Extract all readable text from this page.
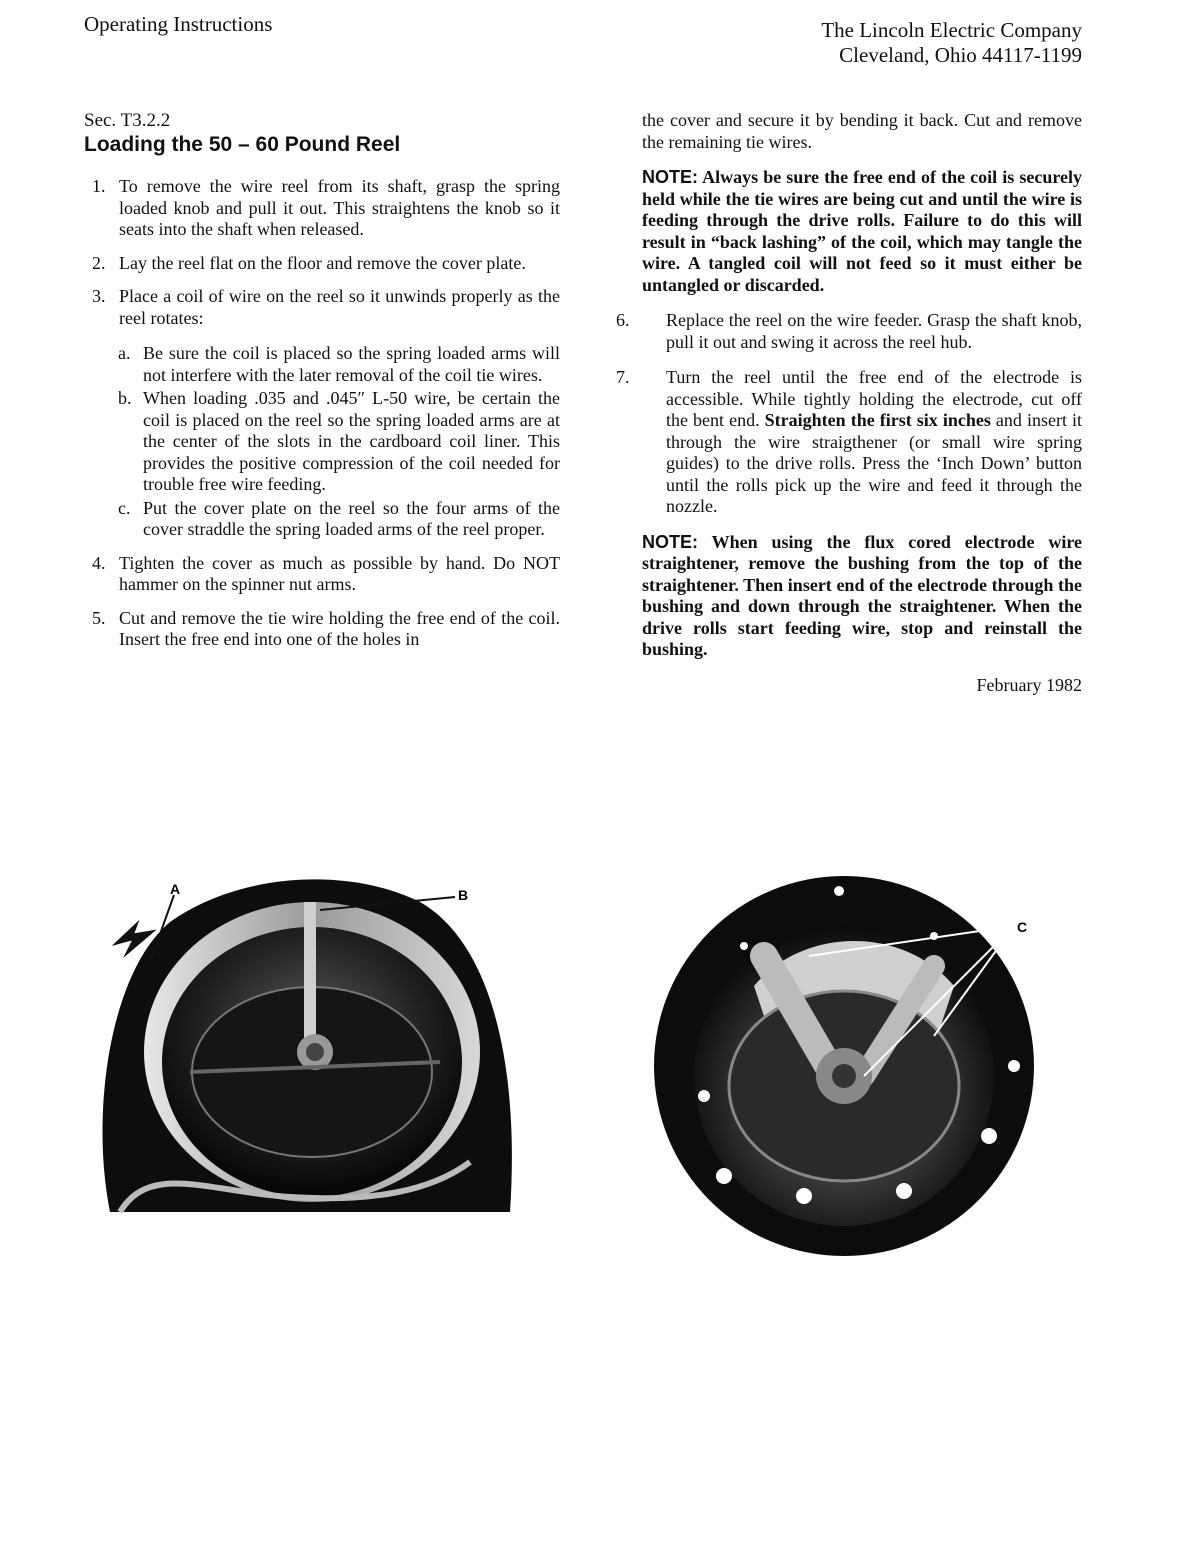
Operating Instructions	The Lincoln Electric Company
Cleveland, Ohio 44117-1199
Sec. T3.2.2
Loading the 50 – 60 Pound Reel
1. To remove the wire reel from its shaft, grasp the spring loaded knob and pull it out. This straightens the knob so it seats into the shaft when released.
2. Lay the reel flat on the floor and remove the cover plate.
3. Place a coil of wire on the reel so it unwinds properly as the reel rotates:
a. Be sure the coil is placed so the spring loaded arms will not interfere with the later removal of the coil tie wires.
b. When loading .035 and .045″ L-50 wire, be certain the coil is placed on the reel so the spring loaded arms are at the center of the slots in the cardboard coil liner. This provides the positive compression of the coil needed for trouble free wire feeding.
c. Put the cover plate on the reel so the four arms of the cover straddle the spring loaded arms of the reel proper.
4. Tighten the cover as much as possible by hand. Do NOT hammer on the spinner nut arms.
5. Cut and remove the tie wire holding the free end of the coil. Insert the free end into one of the holes in

the cover and secure it by bending it back. Cut and remove the remaining tie wires.

NOTE: Always be sure the free end of the coil is securely held while the tie wires are being cut and until the wire is feeding through the drive rolls. Failure to do this will result in “back lashing” of the coil, which may tangle the wire. A tangled coil will not feed so it must either be untangled or discarded.
6. Replace the reel on the wire feeder. Grasp the shaft knob, pull it out and swing it across the reel hub.
7. Turn the reel until the free end of the electrode is accessible. While tightly holding the electrode, cut off the bent end. Straighten the first six inches and insert it through the wire straigthener (or small wire spring guides) to the drive rolls. Press the ‘Inch Down’ button until the rolls pick up the wire and feed it through the nozzle.
NOTE: When using the flux cored electrode wire straightener, remove the bushing from the top of the straightener. Then insert end of the electrode through the bushing and down through the straightener. When the drive rolls start feeding wire, stop and reinstall the bushing.
February 1982
A	B
C
